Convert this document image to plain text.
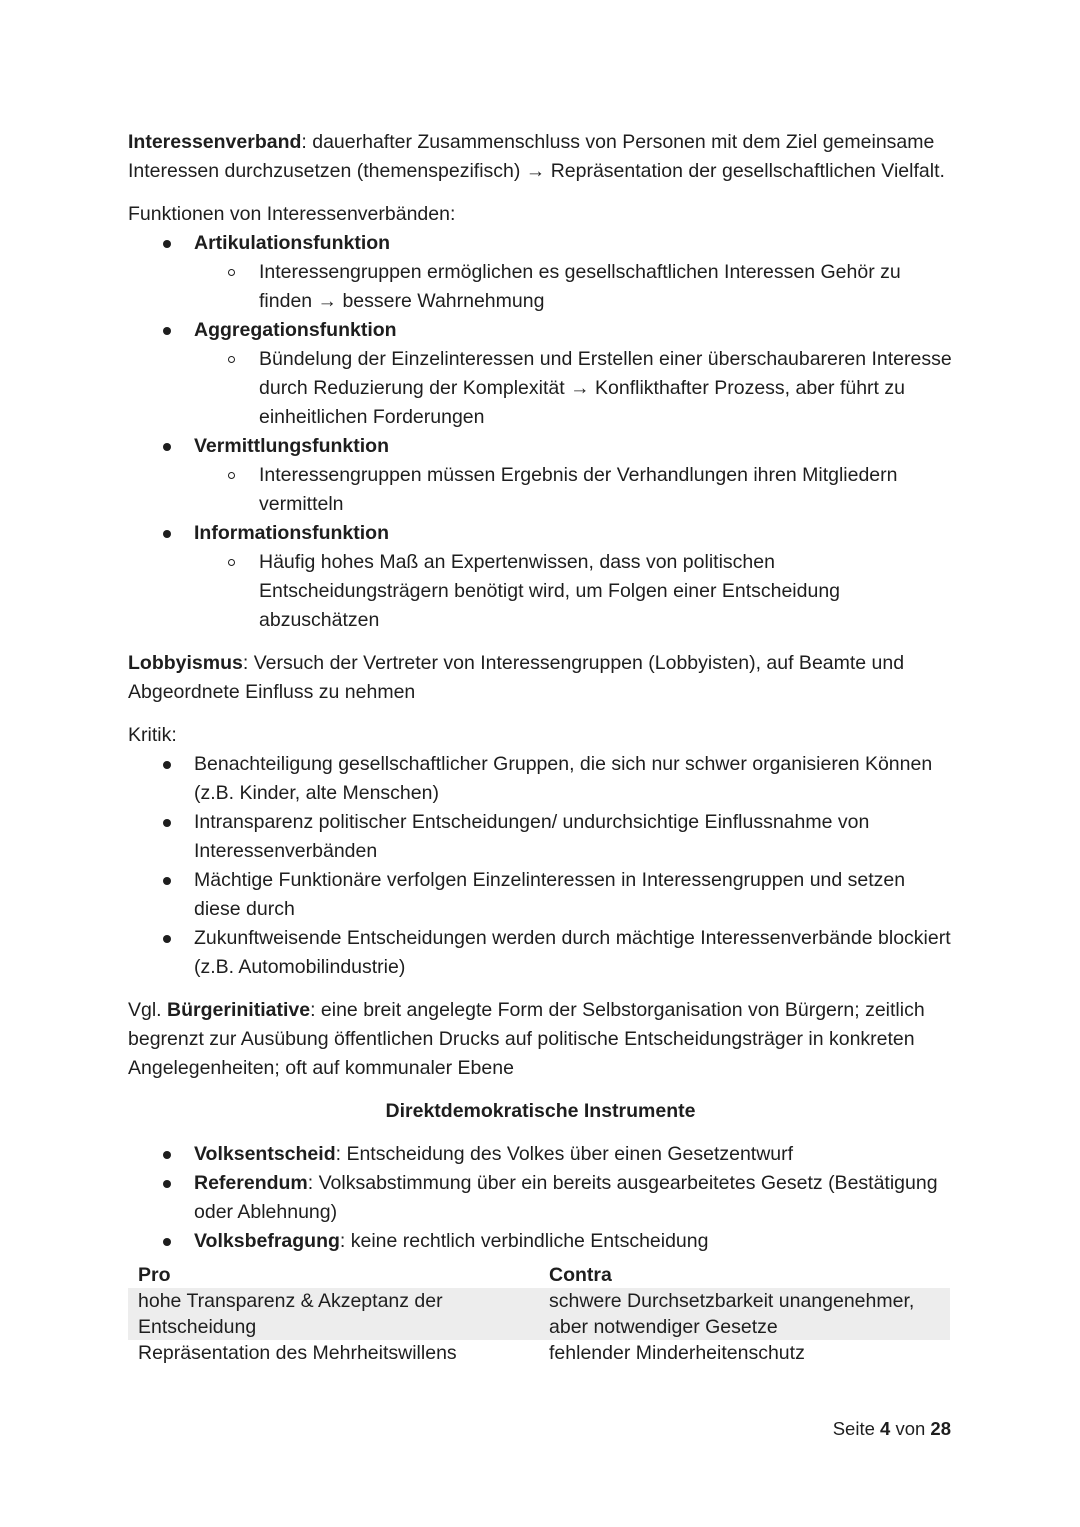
Interessenverband: dauerhafter Zusammenschluss von Personen mit dem Ziel gemeinsame Interessen durchzusetzen (themenspezifisch) → Repräsentation der gesellschaftlichen Vielfalt.

Funktionen von Interessenverbänden:

Artikulationsfunktion
Interessengruppen ermöglichen es gesellschaftlichen Interessen Gehör zu finden → bessere Wahrnehmung
Aggregationsfunktion
Bündelung der Einzelinteressen und Erstellen einer überschaubareren Interesse durch Reduzierung der Komplexität → Konflikthafter Prozess, aber führt zu einheitlichen Forderungen
Vermittlungsfunktion
Interessengruppen müssen Ergebnis der Verhandlungen ihren Mitgliedern vermitteln
Informationsfunktion
Häufig hohes Maß an Expertenwissen, dass von politischen Entscheidungsträgern benötigt wird, um Folgen einer Entscheidung abzuschätzen

Lobbyismus: Versuch der Vertreter von Interessengruppen (Lobbyisten), auf Beamte und Abgeordnete Einfluss zu nehmen

Kritik:

Benachteiligung gesellschaftlicher Gruppen, die sich nur schwer organisieren Können (z.B. Kinder, alte Menschen)
Intransparenz politischer Entscheidungen/ undurchsichtige Einflussnahme von Interessenverbänden
Mächtige Funktionäre verfolgen Einzelinteressen in Interessengruppen und setzen diese durch
Zukunftweisende Entscheidungen werden durch mächtige Interessenverbände blockiert (z.B. Automobilindustrie)

Vgl. Bürgerinitiative: eine breit angelegte Form der Selbstorganisation von Bürgern; zeitlich begrenzt zur Ausübung öffentlichen Drucks auf politische Entscheidungsträger in konkreten Angelegenheiten; oft auf kommunaler Ebene

Direktdemokratische Instrumente

Volksentscheid: Entscheidung des Volkes über einen Gesetzentwurf
Referendum: Volksabstimmung über ein bereits ausgearbeitetes Gesetz (Bestätigung oder Ablehnung)
Volksbefragung: keine rechtlich verbindliche Entscheidung
Pro	Contra
hohe Transparenz & Akzeptanz der Entscheidung	schwere Durchsetzbarkeit unangenehmer, aber notwendiger Gesetze
Repräsentation des Mehrheitswillens	fehlender Minderheitenschutz
Seite 4 von 28
